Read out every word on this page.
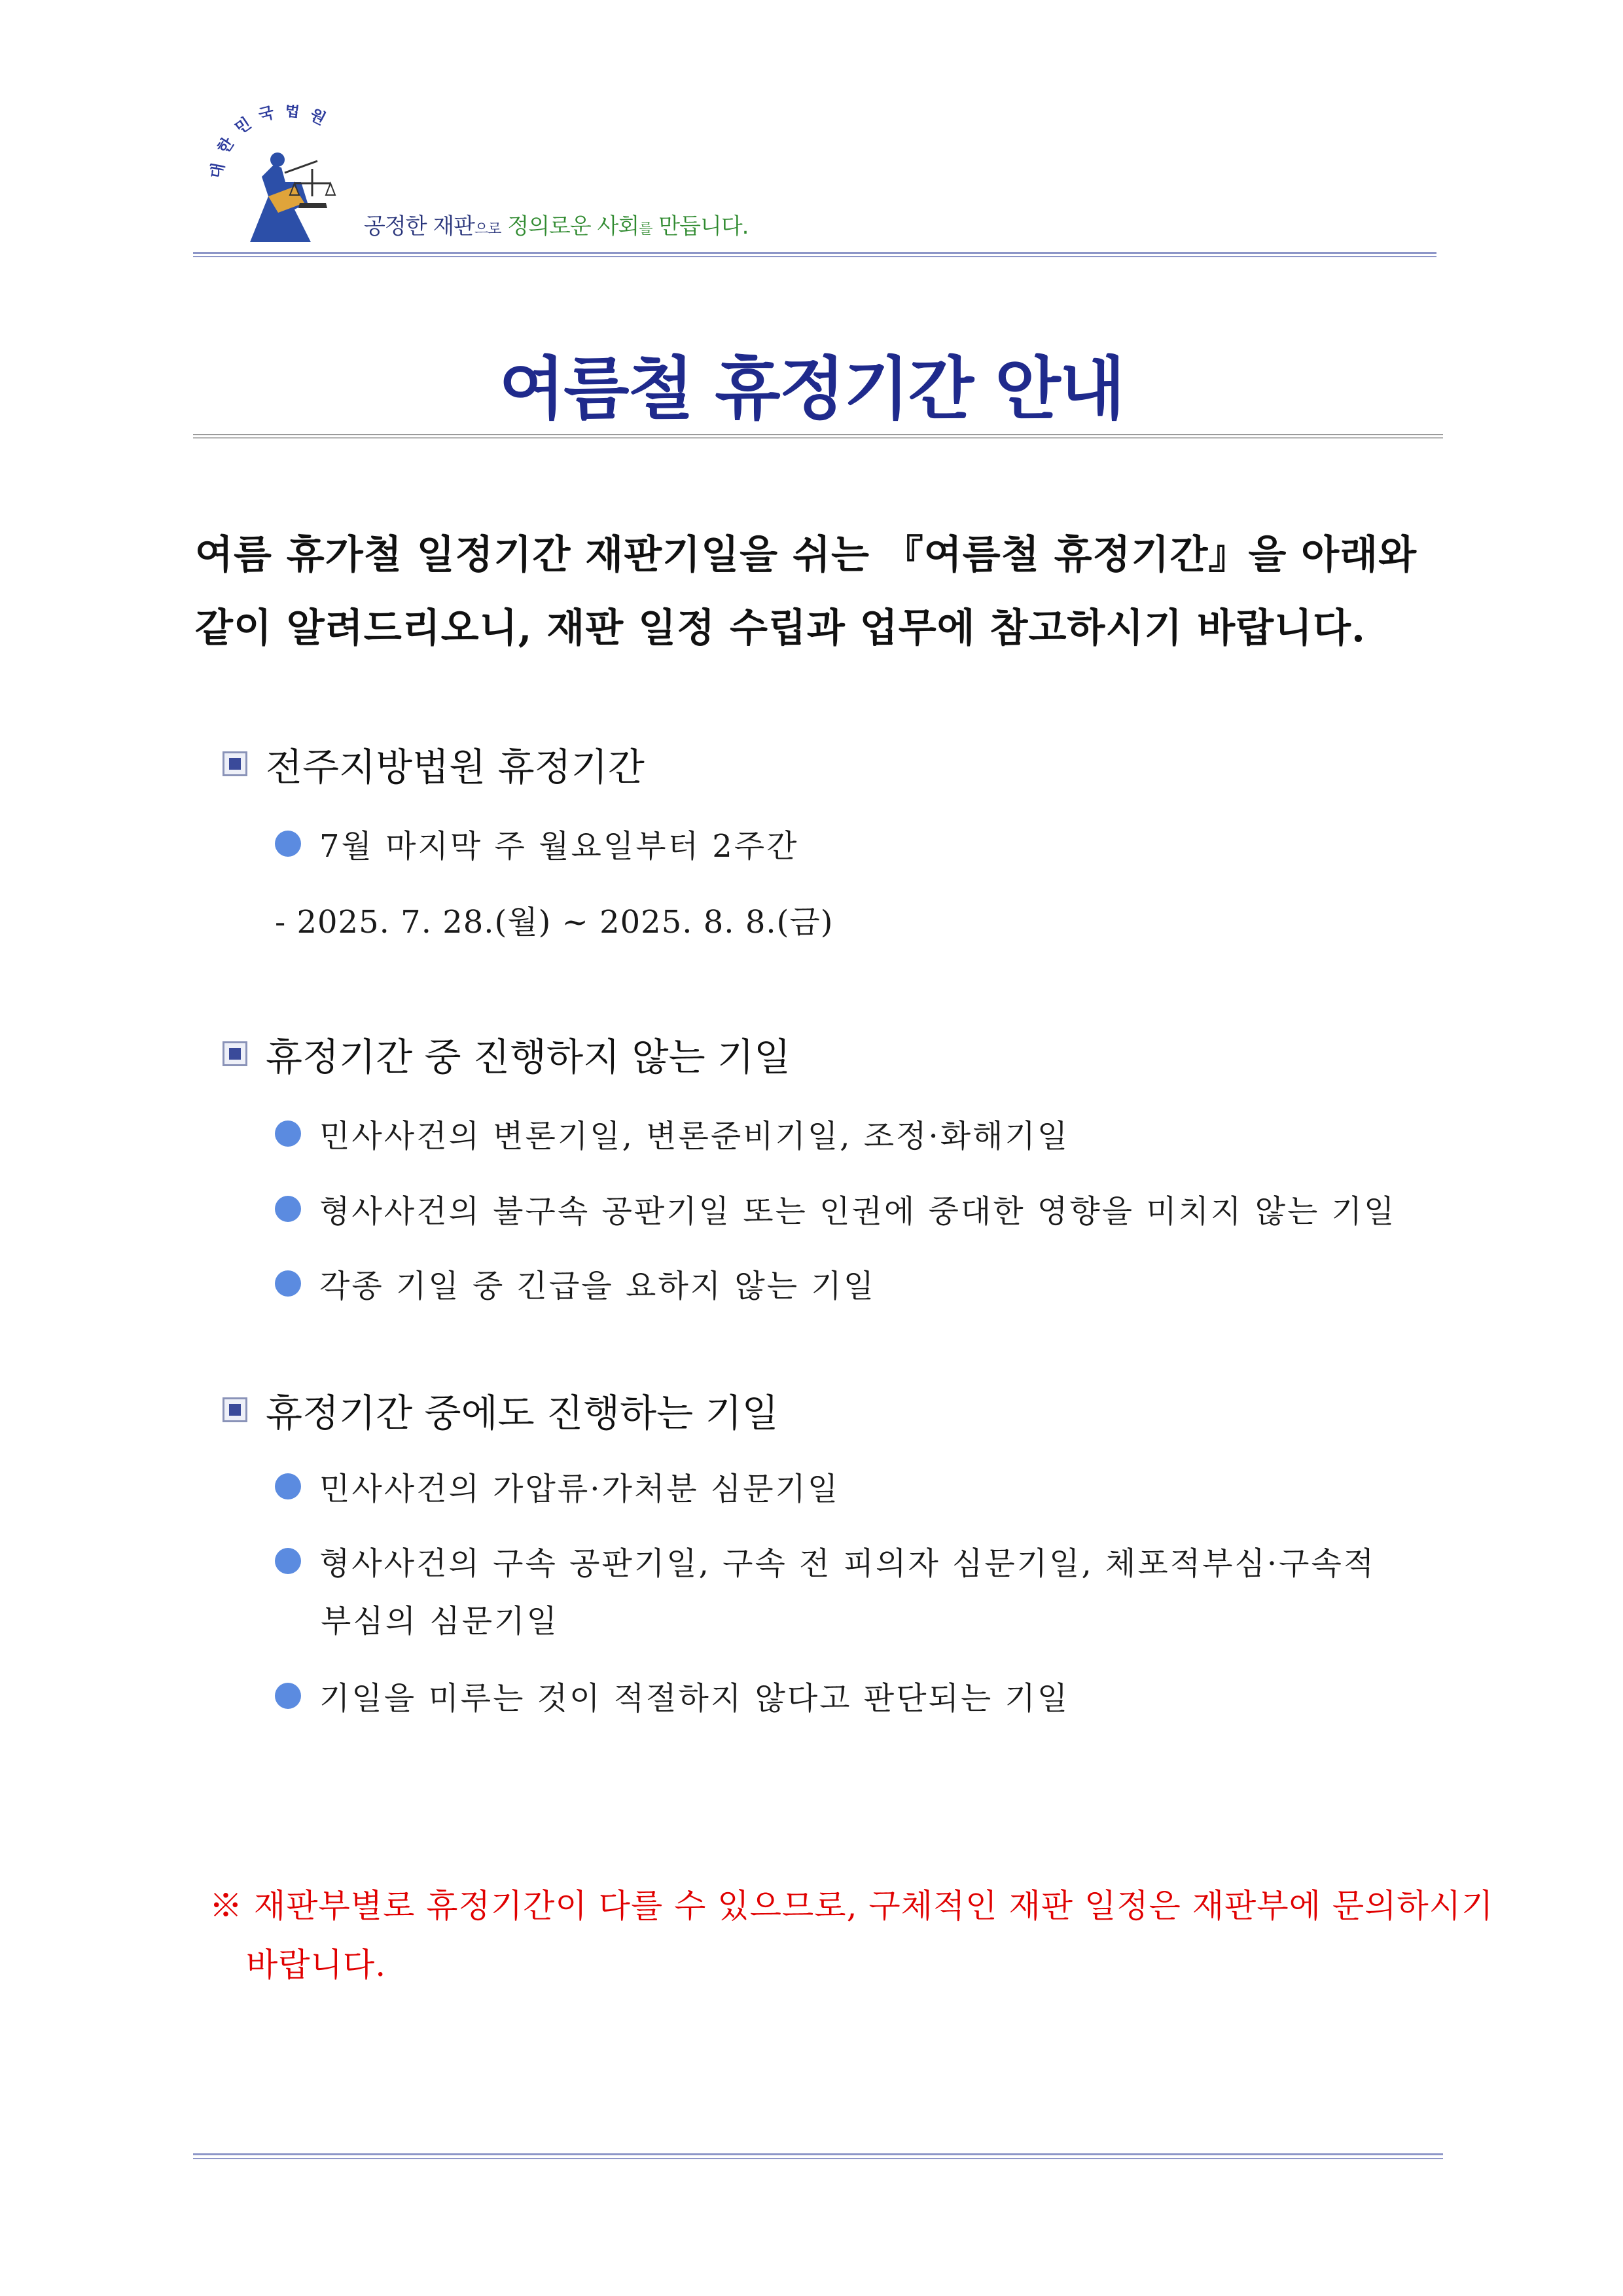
대한민국법원
공정한 재판으로 정의로운 사회를 만듭니다.
여름철 휴정기간 안내
여름 휴가철 일정기간 재판기일을 쉬는 『여름철 휴정기간』을 아래와
같이 알려드리오니, 재판 일정 수립과 업무에 참고하시기 바랍니다.
전주지방법원 휴정기간
7월 마지막 주 월요일부터 2주간
- 2025. 7. 28.(월) ~ 2025. 8. 8.(금)
휴정기간 중 진행하지 않는 기일
민사사건의 변론기일, 변론준비기일, 조정·화해기일
형사사건의 불구속 공판기일 또는 인권에 중대한 영향을 미치지 않는 기일
각종 기일 중 긴급을 요하지 않는 기일
휴정기간 중에도 진행하는 기일
민사사건의 가압류·가처분 심문기일
형사사건의 구속 공판기일, 구속 전 피의자 심문기일, 체포적부심·구속적
부심의 심문기일
기일을 미루는 것이 적절하지 않다고 판단되는 기일
※ 재판부별로 휴정기간이 다를 수 있으므로, 구체적인 재판 일정은 재판부에 문의하시기
바랍니다.
